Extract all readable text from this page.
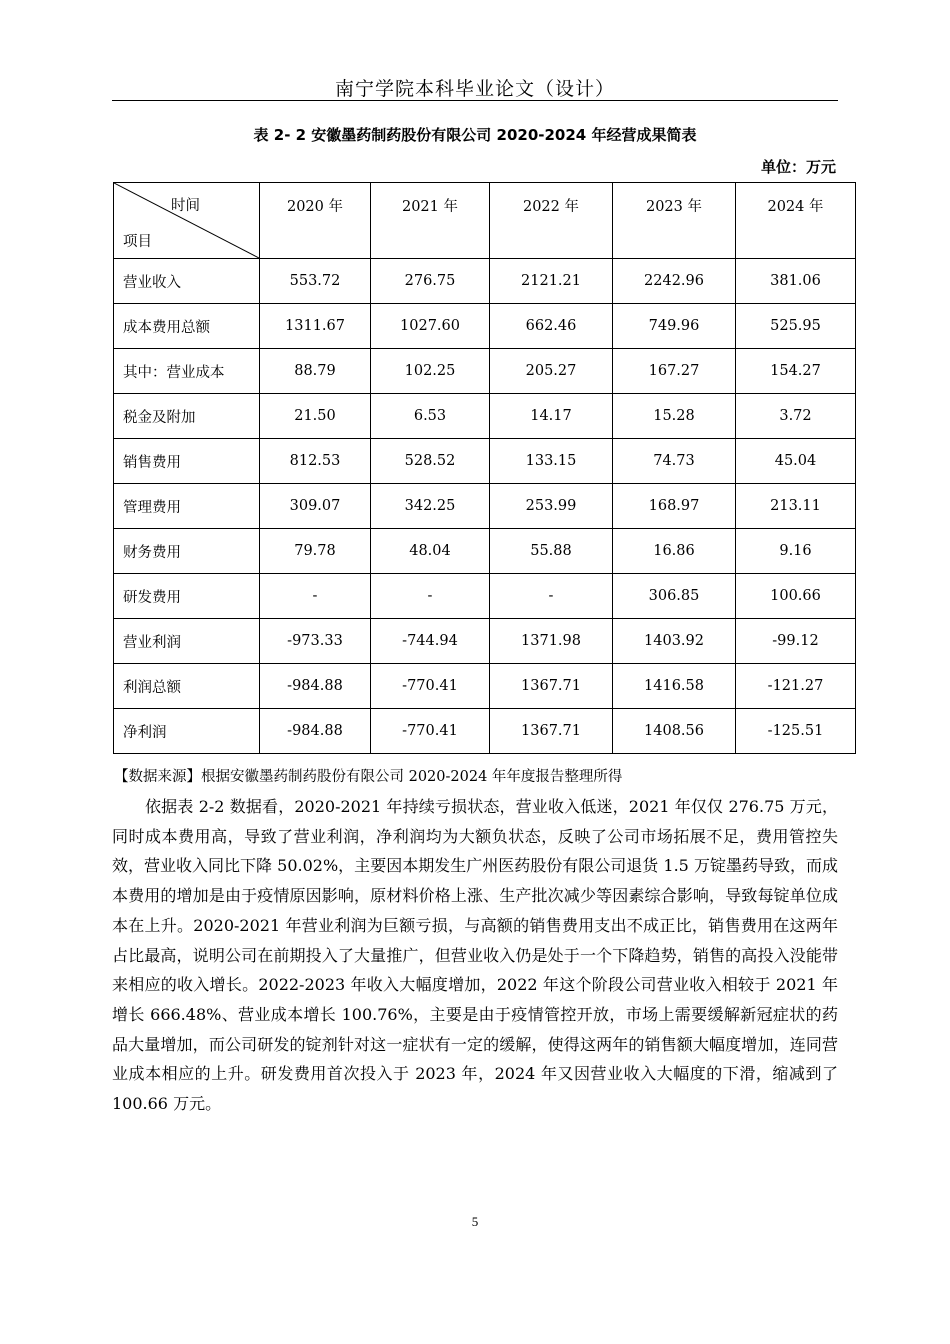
南宁学院本科毕业论文（设计）
表 2- 2 安徽墨药制药股份有限公司 2020-2024 年经营成果简表
单位：万元
时间
项目	2020 年	2021 年	2022 年	2023 年	2024 年
营业收入	553.72	276.75	2121.21	2242.96	381.06
成本费用总额	1311.67	1027.60	662.46	749.96	525.95
其中：营业成本	88.79	102.25	205.27	167.27	154.27
税金及附加	21.50	6.53	14.17	15.28	3.72
销售费用	812.53	528.52	133.15	74.73	45.04
管理费用	309.07	342.25	253.99	168.97	213.11
财务费用	79.78	48.04	55.88	16.86	9.16
研发费用	-	-	-	306.85	100.66
营业利润	-973.33	-744.94	1371.98	1403.92	-99.12
利润总额	-984.88	-770.41	1367.71	1416.58	-121.27
净利润	-984.88	-770.41	1367.71	1408.56	-125.51
【数据来源】根据安徽墨药制药股份有限公司 2020-2024 年年度报告整理所得

依据表 2-2 数据看，2020-2021 年持续亏损状态，营业收入低迷，2021 年仅仅 276.75 万元，同时成本费用高，导致了营业利润，净利润均为大额负状态，反映了公司市场拓展不足，费用管控失效，营业收入同比下降 50.02%，主要因本期发生广州医药股份有限公司退货 1.5 万锭墨药导致，而成本费用的增加是由于疫情原因影响，原材料价格上涨、生产批次减少等因素综合影响，导致每锭单位成本在上升。2020-2021 年营业利润为巨额亏损，与高额的销售费用支出不成正比，销售费用在这两年占比最高，说明公司在前期投入了大量推广，但营业收入仍是处于一个下降趋势，销售的高投入没能带来相应的收入增长。2022-2023 年收入大幅度增加，2022 年这个阶段公司营业收入相较于 2021 年增长 666.48%、营业成本增长 100.76%，主要是由于疫情管控开放，市场上需要缓解新冠症状的药品大量增加，而公司研发的锭剂针对这一症状有一定的缓解，使得这两年的销售额大幅度增加，连同营业成本相应的上升。研发费用首次投入于 2023 年，2024 年又因营业收入大幅度的下滑，缩减到了 100.66 万元。

5
